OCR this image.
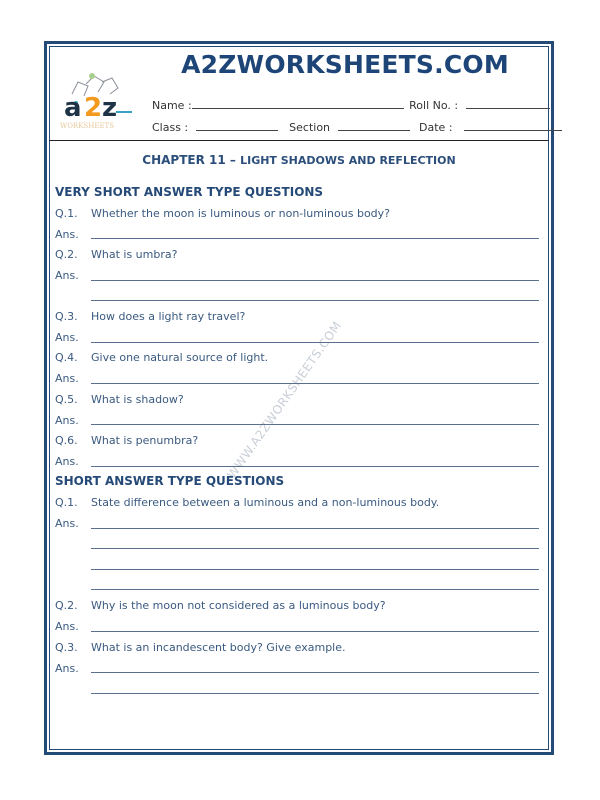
a 2 z
WORKSHEETS
A2ZWORKSHEETS.COM
Name :	Roll No. :
Class :	Section	Date :
CHAPTER 11 – LIGHT SHADOWS AND REFLECTION
WWW.A2ZWORKSHEETS.COM
VERY SHORT ANSWER TYPE QUESTIONS
Q.1. Whether the moon is luminous or non-luminous body?
Ans.
Q.2. What is umbra?
Ans.
Q.3. How does a light ray travel?
Ans.
Q.4. Give one natural source of light.
Ans.
Q.5. What is shadow?
Ans.
Q.6. What is penumbra?
Ans.
SHORT ANSWER TYPE QUESTIONS
Q.1. State difference between a luminous and a non-luminous body.
Ans.
Q.2. Why is the moon not considered as a luminous body?
Ans.
Q.3. What is an incandescent body? Give example.
Ans.
